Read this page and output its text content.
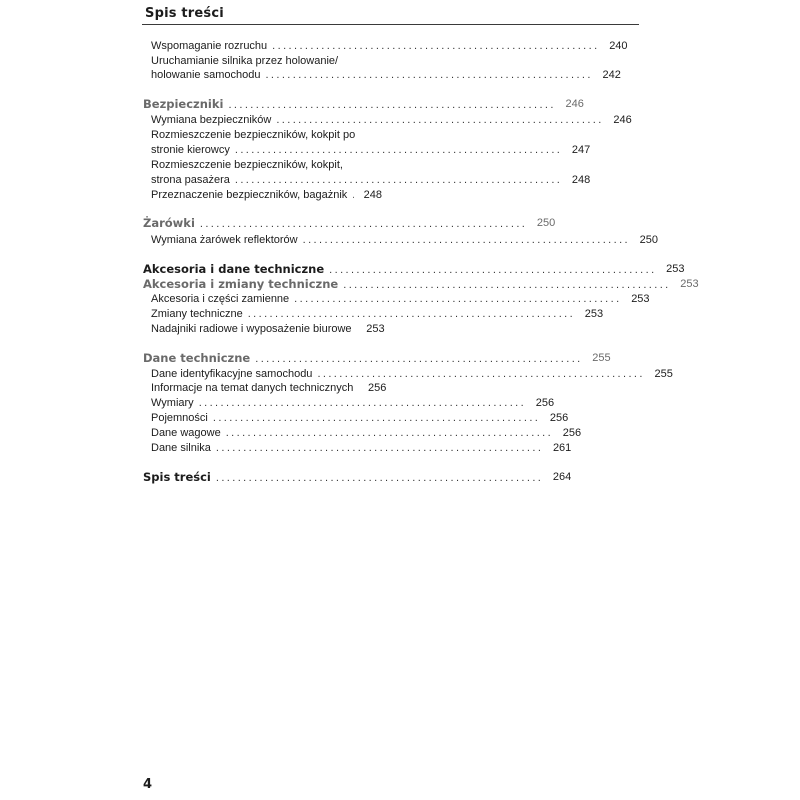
Spis treści
Wspomaganie rozruchu ............................................................ 240
Uruchamianie silnika przez holowanie/
holowanie samochodu ............................................................ 242
Bezpieczniki ............................................................ 246
Wymiana bezpieczników ............................................................ 246
Rozmieszczenie bezpieczników, kokpit po
stronie kierowcy ............................................................ 247
Rozmieszczenie bezpieczników, kokpit,
strona pasażera ............................................................ 248
Przeznaczenie bezpieczników, bagażnik	248
Żarówki ............................................................ 250
Wymiana żarówek reflektorów ............................................................ 250
Akcesoria i dane techniczne ............................................................ 253
Akcesoria i zmiany techniczne ............................................................ 253
Akcesoria i części zamienne ............................................................ 253
Zmiany techniczne ............................................................ 253
Nadajniki radiowe i wyposażenie biurowe	253
Dane techniczne ............................................................ 255
Dane identyfikacyjne samochodu ............................................................ 255
Informacje na temat danych technicznych	256
Wymiary ............................................................ 256
Pojemności ............................................................ 256
Dane wagowe ............................................................ 256
Dane silnika ............................................................ 261
Spis treści ............................................................ 264
4
